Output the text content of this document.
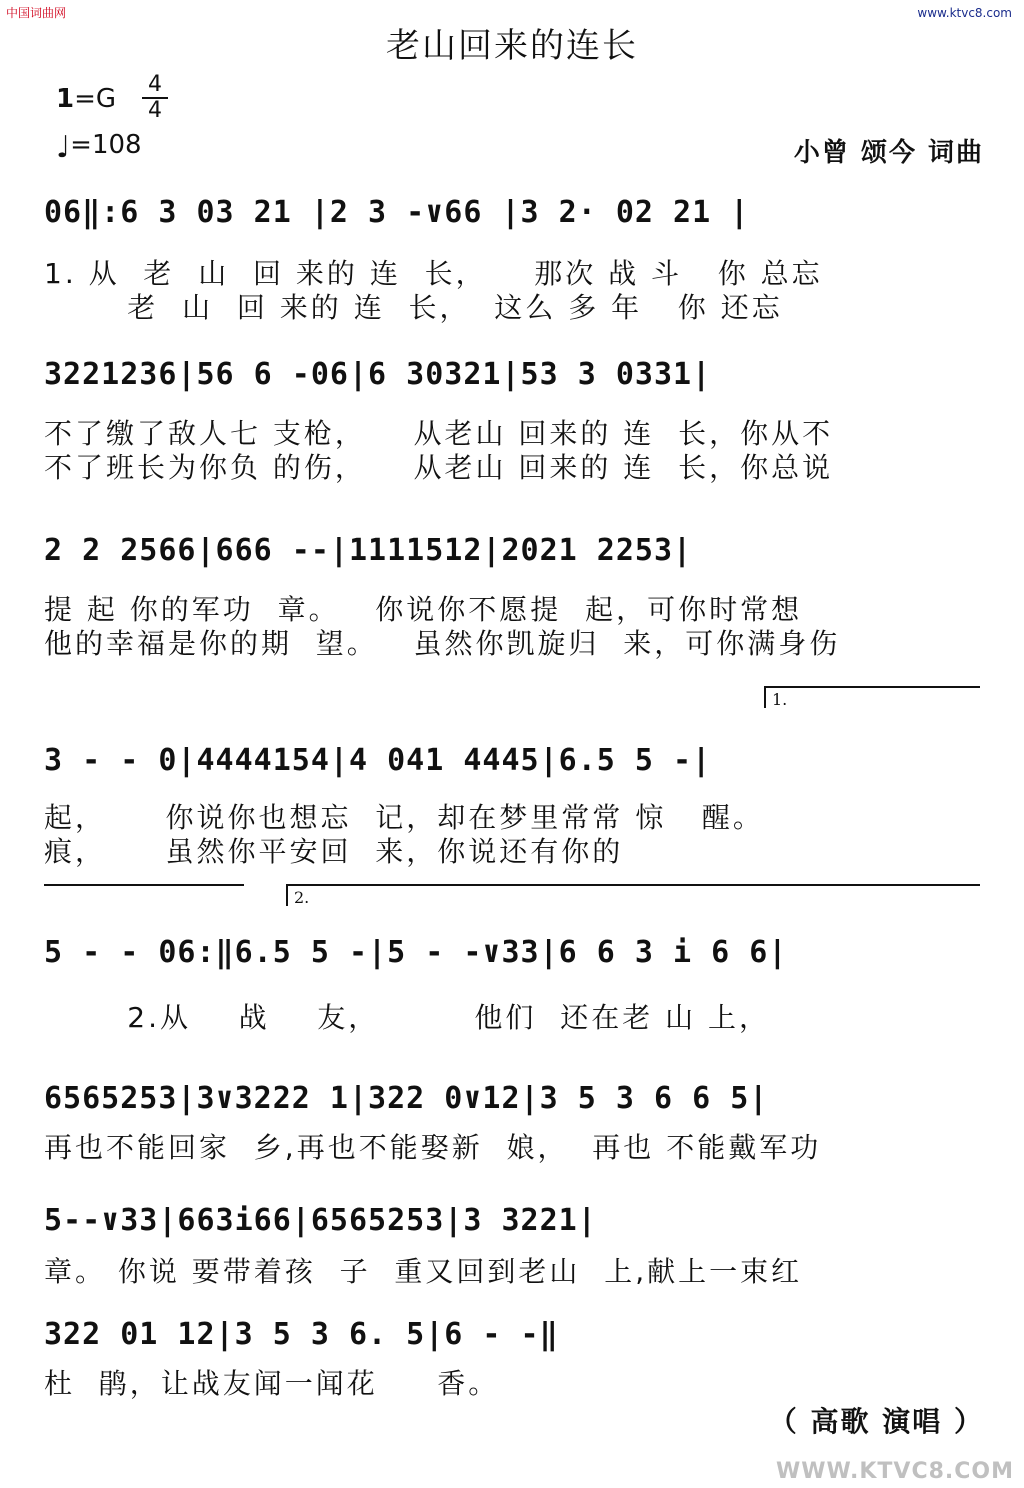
中国词曲网	www.ktvc8.com
老山回来的连长
1=G 4
4
♩=108	小曾 颂今 词曲
06‖:6 3 03 21 |2 3 -∨66 |3 2· 02 21 |
1. 从  老  山  回 来的 连  长，    那次 战 斗   你 总忘
老  山  回 来的 连  长，  这么 多 年   你 还忘
3221236|56 6 -06|6 30321|53 3 0331|
不了缴了敌人七 支枪，    从老山 回来的 连  长，你从不
不了班长为你负 的伤，    从老山 回来的 连  长，你总说
2 2 2566|666 --|1111512|2021 2253|
提 起 你的军功  章。   你说你不愿提  起，可你时常想
他的幸福是你的期  望。   虽然你凯旋归  来，可你满身伤
1.
3 - - 0|4444154|4 041 4445|6.5 5 -|
起，     你说你也想忘  记，却在梦里常常 惊   醒。
痕，     虽然你平安回  来，你说还有你的
2.
5 - - 06:‖6.5 5 -|5 - -∨33|6 6 3 i 6 6|
2.从    战    友，        他们  还在老 山 上，
6565253|3∨3222 1|322 0∨12|3 5 3 6 6 5|
再也不能回家  乡,再也不能娶新  娘，  再也 不能戴军功
5--∨33|663i66|6565253|3 3221|
章。 你说 要带着孩  子  重又回到老山  上,献上一束红
322 01 12|3 5 3 6. 5|6 - -‖
杜  鹃，让战友闻一闻花     香。
（ 高歌 演唱 ）
WWW.KTVC8.COM
